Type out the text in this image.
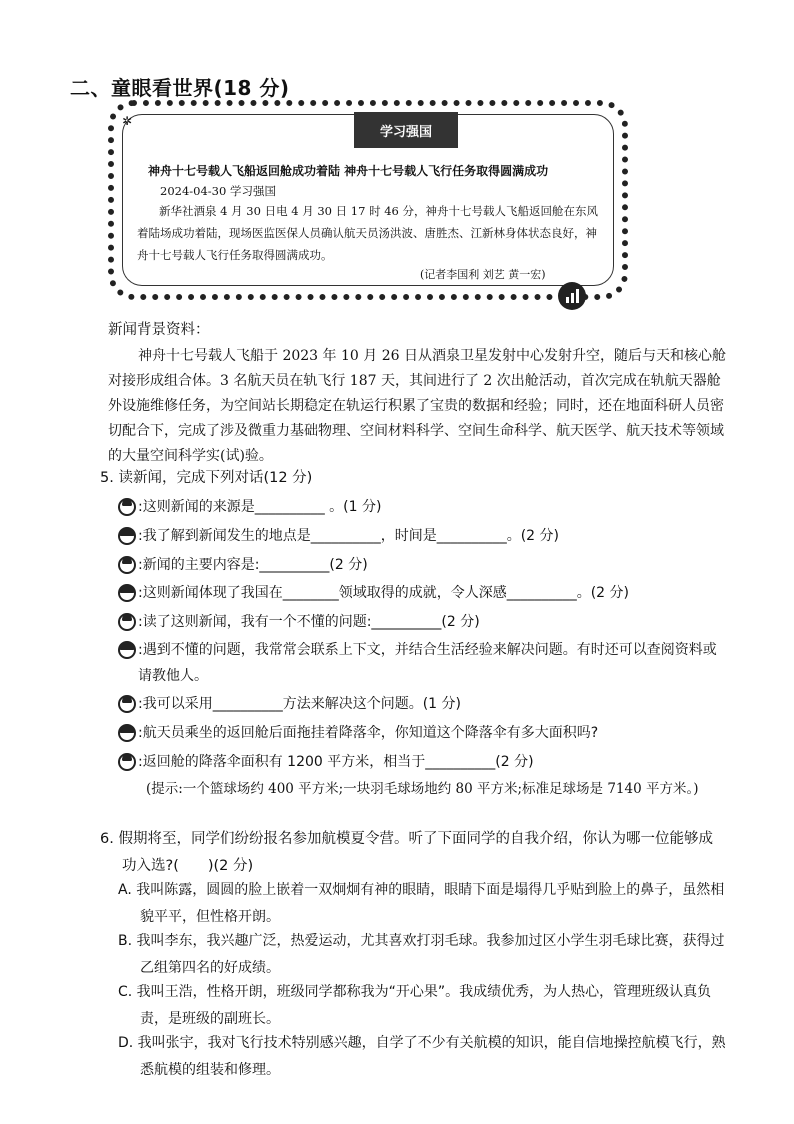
二、童眼看世界(18 分)
✲
学习强国
神舟十七号载人飞船返回舱成功着陆 神舟十七号载人飞行任务取得圆满成功
2024-04-30 学习强国
新华社酒泉 4 月 30 日电 4 月 30 日 17 时 46 分，神舟十七号载人飞船返回舱在东风着陆场成功着陆，现场医监医保人员确认航天员汤洪波、唐胜杰、江新林身体状态良好，神舟十七号载人飞行任务取得圆满成功。
(记者李国利 刘艺 黄一宏)
新闻背景资料：
神舟十七号载人飞船于 2023 年 10 月 26 日从酒泉卫星发射中心发射升空，随后与天和核心舱对接形成组合体。3 名航天员在轨飞行 187 天，其间进行了 2 次出舱活动，首次完成在轨航天器舱外设施维修任务，为空间站长期稳定在轨运行积累了宝贵的数据和经验；同时，还在地面科研人员密切配合下，完成了涉及微重力基础物理、空间材料科学、空间生命科学、航天医学、航天技术等领域的大量空间科学实(试)验。
5. 读新闻，完成下列对话(12 分)
:这则新闻的来源是__________ 。(1 分)
:我了解到新闻发生的地点是__________，时间是__________。(2 分)
:新闻的主要内容是:__________(2 分)
:这则新闻体现了我国在________领域取得的成就，令人深感__________。(2 分)
:读了这则新闻，我有一个不懂的问题:__________(2 分)
:遇到不懂的问题，我常常会联系上下文，并结合生活经验来解决问题。有时还可以查阅资料或请教他人。
:我可以采用__________方法来解决这个问题。(1 分)
:航天员乘坐的返回舱后面拖挂着降落伞，你知道这个降落伞有多大面积吗?
:返回舱的降落伞面积有 1200 平方米，相当于__________(2 分)
(提示:一个篮球场约 400 平方米;一块羽毛球场地约 80 平方米;标准足球场是 7140 平方米。)
6. 假期将至，同学们纷纷报名参加航模夏令营。听了下面同学的自我介绍，你认为哪一位能够成功入选?(　　)(2 分)
A. 我叫陈露，圆圆的脸上嵌着一双炯炯有神的眼睛，眼睛下面是塌得几乎贴到脸上的鼻子，虽然相貌平平，但性格开朗。
B. 我叫李东，我兴趣广泛，热爱运动，尤其喜欢打羽毛球。我参加过区小学生羽毛球比赛，获得过乙组第四名的好成绩。
C. 我叫王浩，性格开朗，班级同学都称我为“开心果”。我成绩优秀，为人热心，管理班级认真负责，是班级的副班长。
D. 我叫张宇，我对飞行技术特别感兴趣，自学了不少有关航模的知识，能自信地操控航模飞行，熟悉航模的组装和修理。
